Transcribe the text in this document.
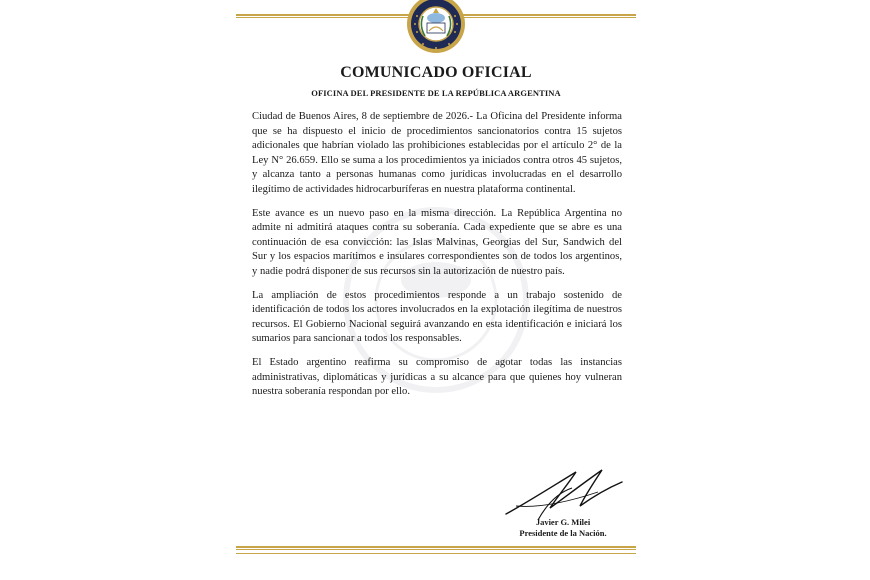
COMUNICADO OFICIAL
OFICINA DEL PRESIDENTE DE LA REPÚBLICA ARGENTINA

Ciudad de Buenos Aires, 8 de septiembre de 2026.- La Oficina del Presidente informa que se ha dispuesto el inicio de procedimientos sancionatorios contra 15 sujetos adicionales que habrían violado las prohibiciones establecidas por el artículo 2° de la Ley N° 26.659. Ello se suma a los procedimientos ya iniciados contra otros 45 sujetos, y alcanza tanto a personas humanas como jurídicas involucradas en el desarrollo ilegítimo de actividades hidrocarburíferas en nuestra plataforma continental.

Este avance es un nuevo paso en la misma dirección. La República Argentina no admite ni admitirá ataques contra su soberanía. Cada expediente que se abre es una continuación de esa convicción: las Islas Malvinas, Georgias del Sur, Sandwich del Sur y los espacios marítimos e insulares correspondientes son de todos los argentinos, y nadie podrá disponer de sus recursos sin la autorización de nuestro país.

La ampliación de estos procedimientos responde a un trabajo sostenido de identificación de todos los actores involucrados en la explotación ilegítima de nuestros recursos. El Gobierno Nacional seguirá avanzando en esta identificación e iniciará los sumarios para sancionar a todos los responsables.

El Estado argentino reafirma su compromiso de agotar todas las instancias administrativas, diplomáticas y jurídicas a su alcance para que quienes hoy vulneran nuestra soberanía respondan por ello.

Javier G. Milei
Presidente de la Nación.
